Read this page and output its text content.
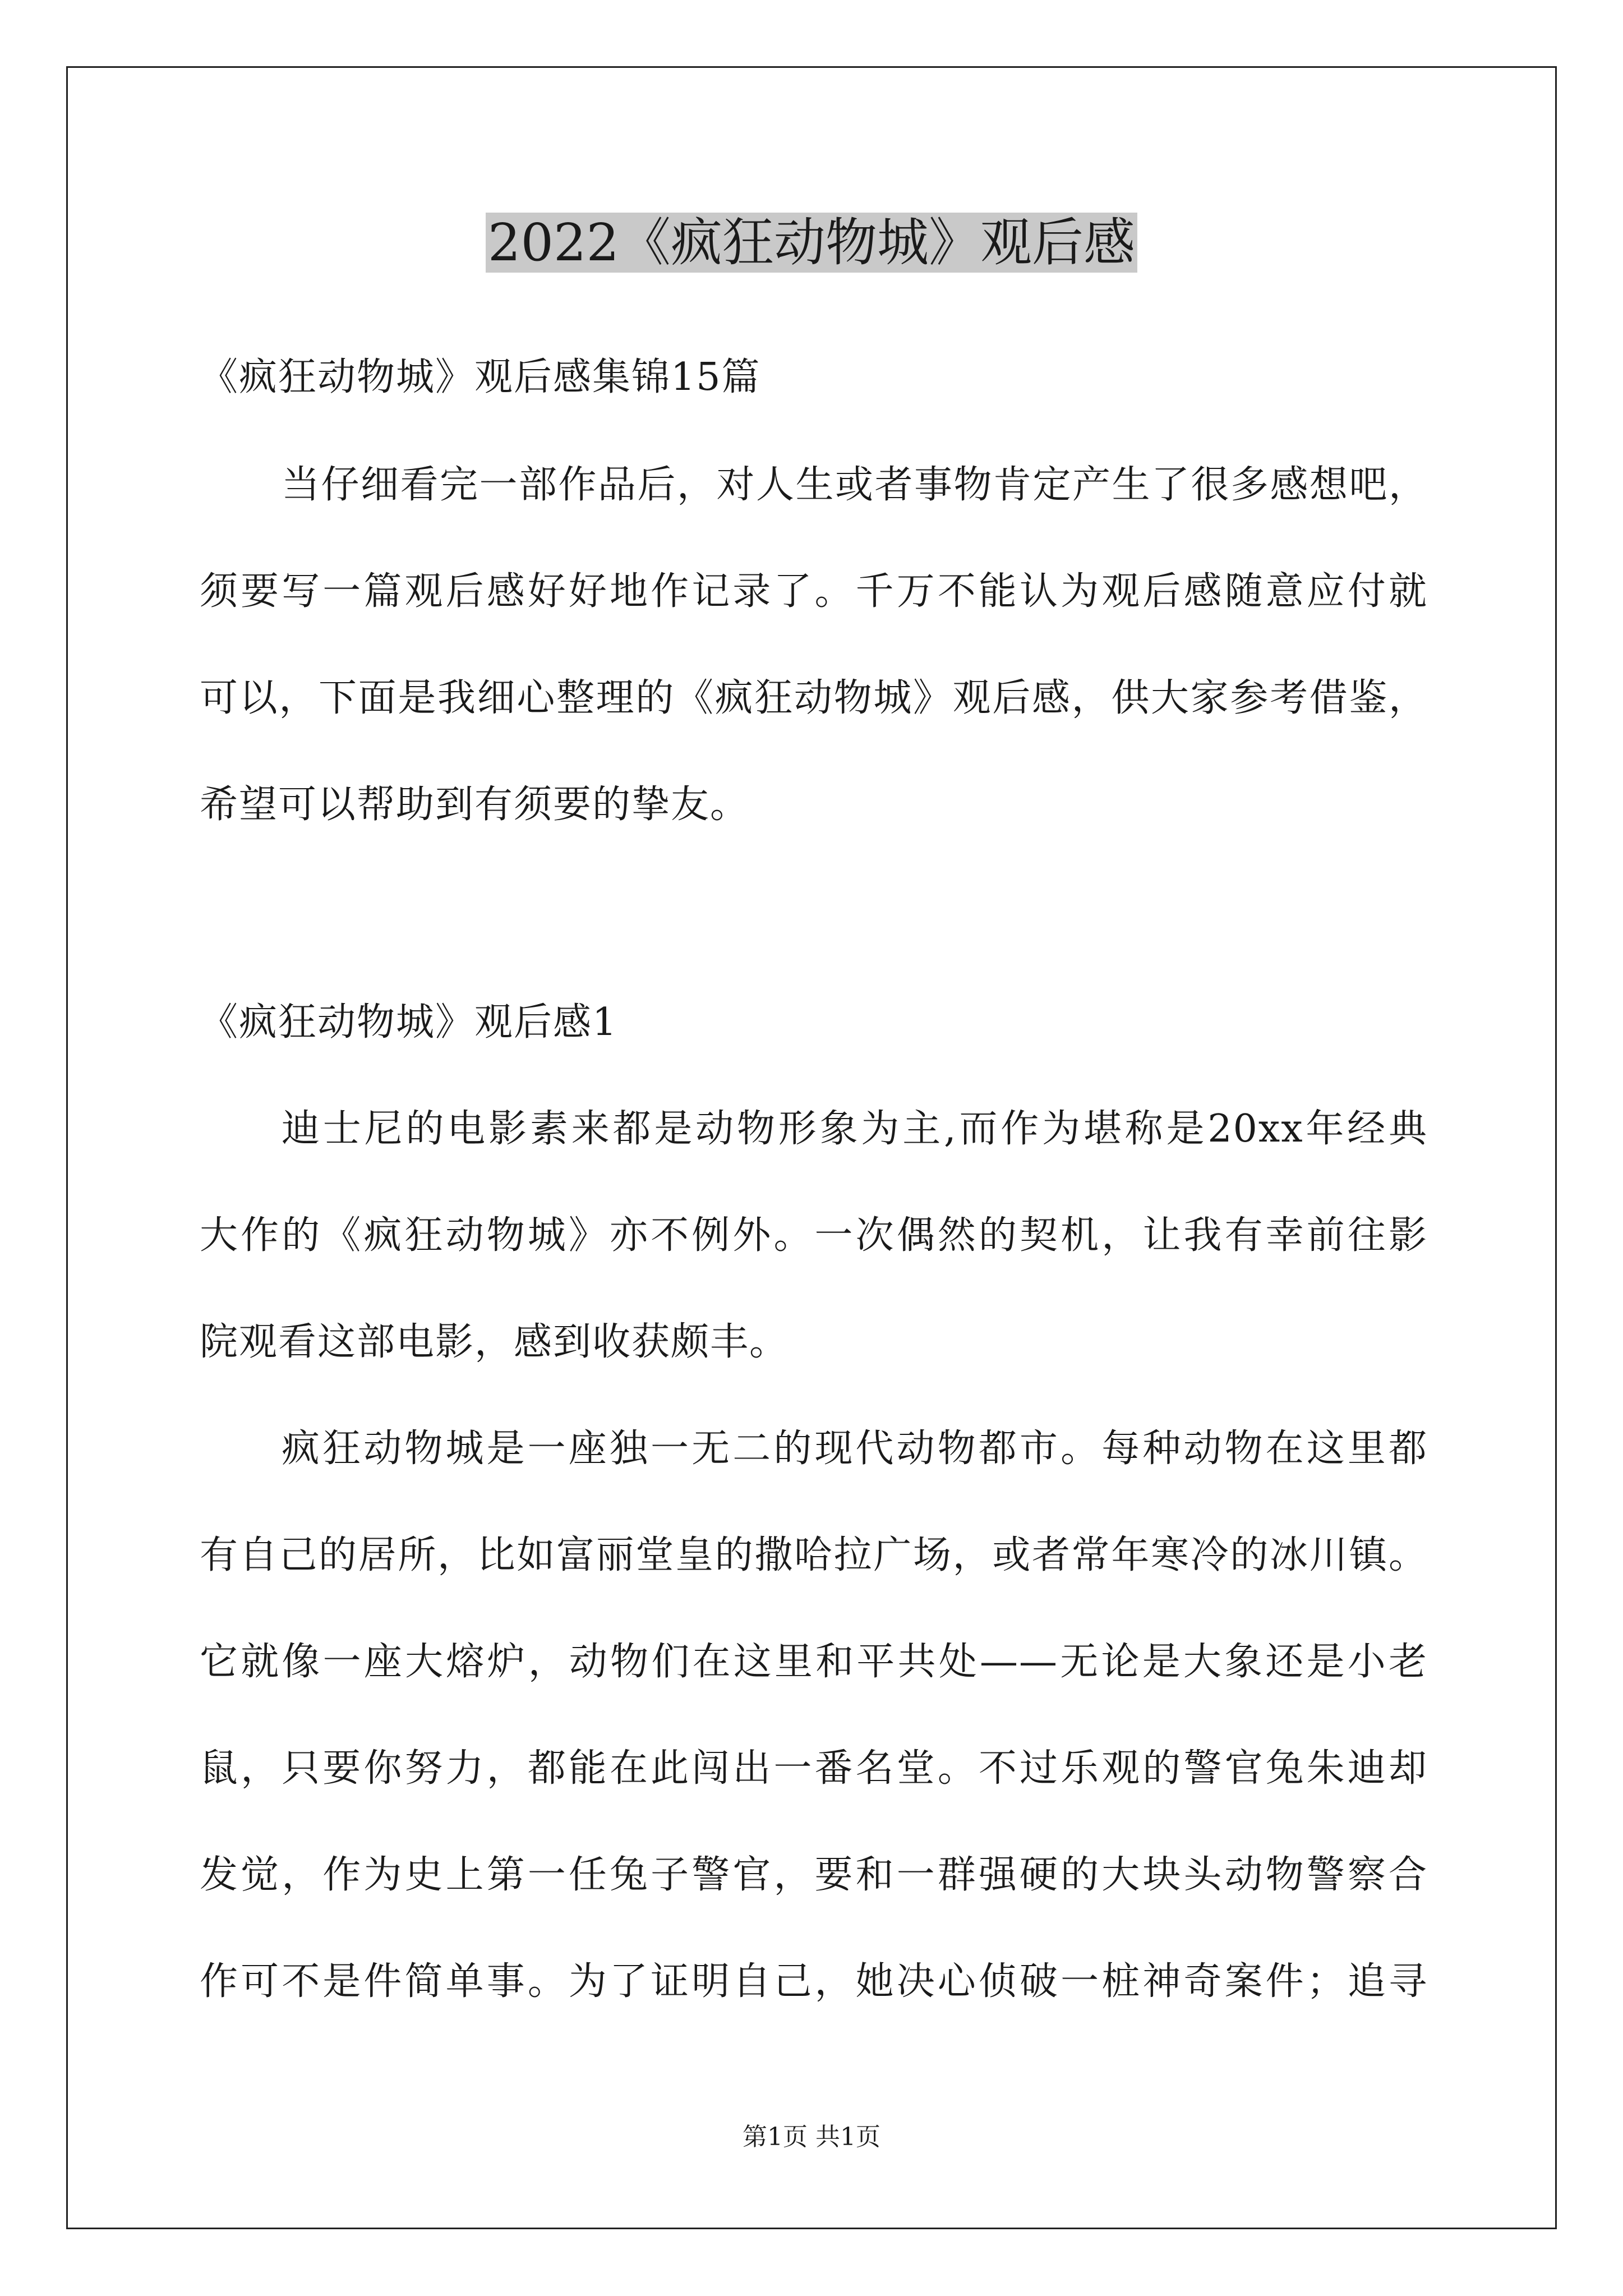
2022《疯狂动物城》观后感

《疯狂动物城》观后感集锦15篇

当仔细看完一部作品后，对人生或者事物肯定产生了很多感想吧，

须要写一篇观后感好好地作记录了。千万不能认为观后感随意应付就

可以，下面是我细心整理的《疯狂动物城》观后感，供大家参考借鉴，

希望可以帮助到有须要的挚友。

《疯狂动物城》观后感1

迪士尼的电影素来都是动物形象为主,而作为堪称是20xx年经典

大作的《疯狂动物城》亦不例外。一次偶然的契机，让我有幸前往影

院观看这部电影，感到收获颇丰。

疯狂动物城是一座独一无二的现代动物都市。每种动物在这里都

有自己的居所，比如富丽堂皇的撒哈拉广场，或者常年寒冷的冰川镇。

它就像一座大熔炉，动物们在这里和平共处——无论是大象还是小老

鼠，只要你努力，都能在此闯出一番名堂。不过乐观的警官兔朱迪却

发觉，作为史上第一任兔子警官，要和一群强硬的大块头动物警察合

作可不是件简单事。为了证明自己，她决心侦破一桩神奇案件；追寻

第1页 共1页
